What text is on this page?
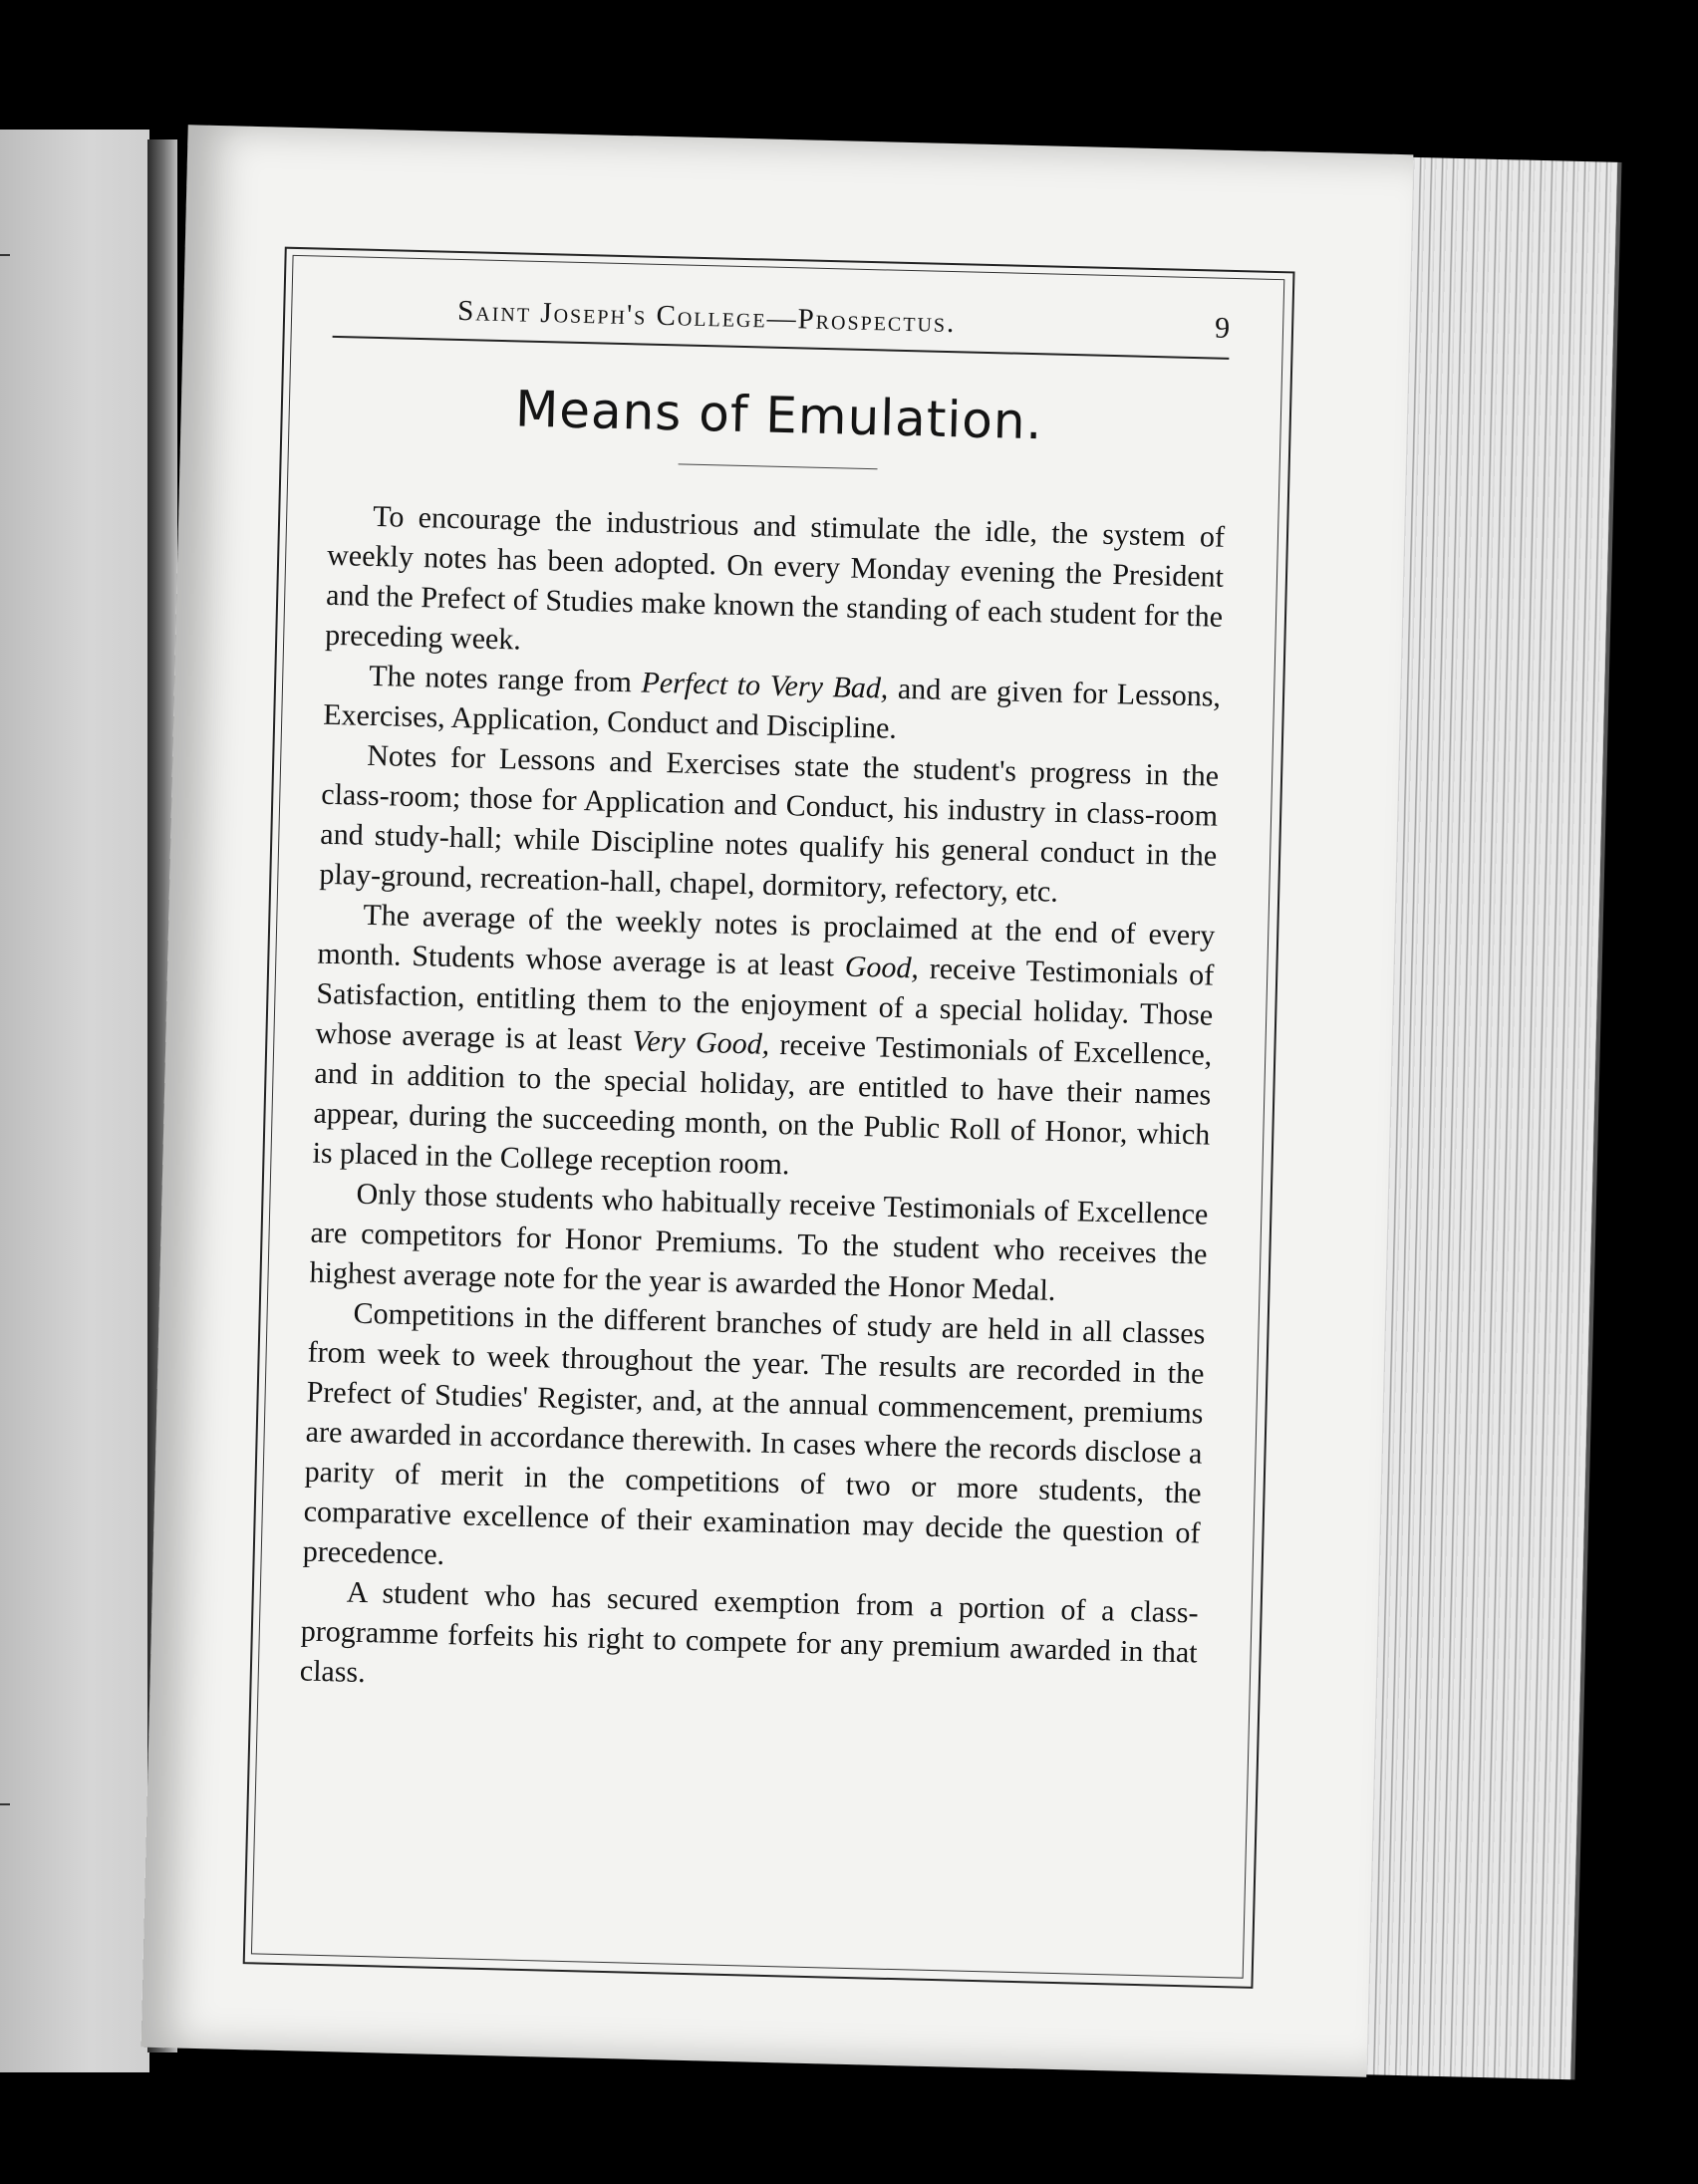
Saint Joseph's College—Prospectus.	9
Means of Emulation.

To encourage the industrious and stimulate the idle, the system of weekly notes has been adopted. On every Monday evening the President and the Prefect of Studies make known the standing of each student for the preceding week.

The notes range from Perfect to Very Bad, and are given for Lessons, Exercises, Application, Conduct and Discipline.

Notes for Lessons and Exercises state the student's progress in the class-room; those for Application and Conduct, his industry in class-room and study-hall; while Discipline notes qualify his general conduct in the play-ground, recreation-hall, chapel, dormitory, refectory, etc.

The average of the weekly notes is proclaimed at the end of every month. Students whose average is at least Good, receive Testimonials of Satisfaction, entitling them to the enjoyment of a special holiday. Those whose average is at least Very Good, receive Testimonials of Excellence, and in addition to the special holiday, are entitled to have their names appear, during the succeeding month, on the Public Roll of Honor, which is placed in the College reception room.

Only those students who habitually receive Testimonials of Excellence are competitors for Honor Premiums. To the student who receives the highest average note for the year is awarded the Honor Medal.

Competitions in the different branches of study are held in all classes from week to week throughout the year. The results are recorded in the Prefect of Studies' Register, and, at the annual commencement, premiums are awarded in accordance therewith. In cases where the records disclose a parity of merit in the competitions of two or more students, the comparative excellence of their examination may decide the question of precedence.

A student who has secured exemption from a portion of a class-programme forfeits his right to compete for any premium awarded in that class.
